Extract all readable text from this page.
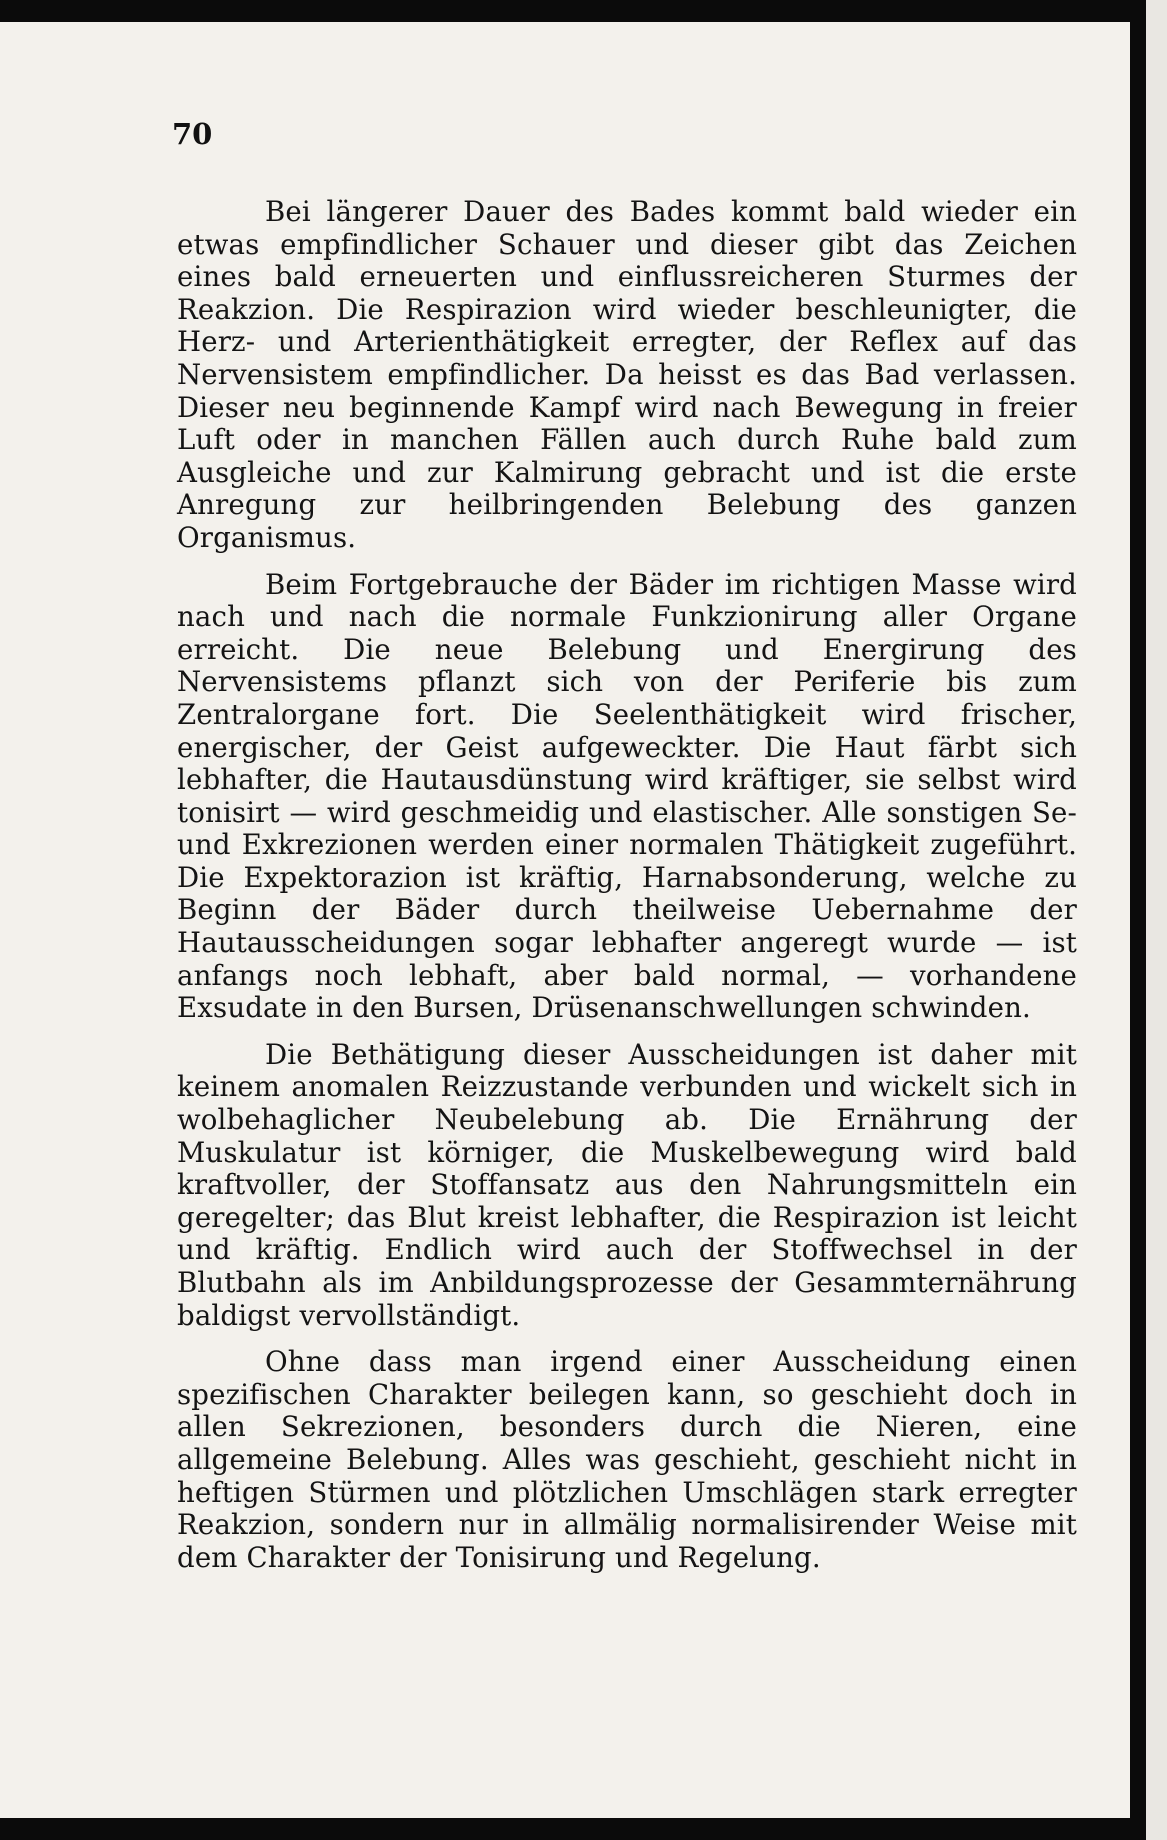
70

Bei längerer Dauer des Bades kommt bald wieder ein etwas empfindlicher Schauer und dieser gibt das Zeichen eines bald erneuerten und einflussreicheren Sturmes der Reakzion. Die Respirazion wird wieder beschleunigter, die Herz- und Arterienthätigkeit erregter, der Reflex auf das Nervensistem empfindlicher. Da heisst es das Bad verlassen. Dieser neu beginnende Kampf wird nach Bewegung in freier Luft oder in manchen Fällen auch durch Ruhe bald zum Ausgleiche und zur Kalmirung gebracht und ist die erste Anregung zur heilbringenden Belebung des ganzen Organismus.

Beim Fortgebrauche der Bäder im richtigen Masse wird nach und nach die normale Funkzionirung aller Organe erreicht. Die neue Belebung und Energirung des Nervensistems pflanzt sich von der Periferie bis zum Zentralorgane fort. Die Seelenthätigkeit wird frischer, energischer, der Geist aufgeweckter. Die Haut färbt sich lebhafter, die Hautausdünstung wird kräftiger, sie selbst wird tonisirt — wird geschmeidig und elastischer. Alle sonstigen Se- und Exkrezionen werden einer normalen Thätigkeit zugeführt. Die Expektorazion ist kräftig, Harnabsonderung, welche zu Beginn der Bäder durch theilweise Uebernahme der Hautausscheidungen sogar lebhafter angeregt wurde — ist anfangs noch lebhaft, aber bald normal, — vorhandene Exsudate in den Bursen, Drüsenanschwellungen schwinden.

Die Bethätigung dieser Ausscheidungen ist daher mit keinem anomalen Reizzustande verbunden und wickelt sich in wolbehaglicher Neubelebung ab. Die Ernährung der Muskulatur ist körniger, die Muskelbewegung wird bald kraftvoller, der Stoffansatz aus den Nahrungsmitteln ein geregelter; das Blut kreist lebhafter, die Respirazion ist leicht und kräftig. Endlich wird auch der Stoffwechsel in der Blutbahn als im Anbildungsprozesse der Gesammternährung baldigst vervollständigt.

Ohne dass man irgend einer Ausscheidung einen spezifischen Charakter beilegen kann, so geschieht doch in allen Sekrezionen, besonders durch die Nieren, eine allgemeine Belebung. Alles was geschieht, geschieht nicht in heftigen Stürmen und plötzlichen Umschlägen stark erregter Reakzion, sondern nur in allmälig normalisirender Weise mit dem Charakter der Tonisirung und Regelung.
